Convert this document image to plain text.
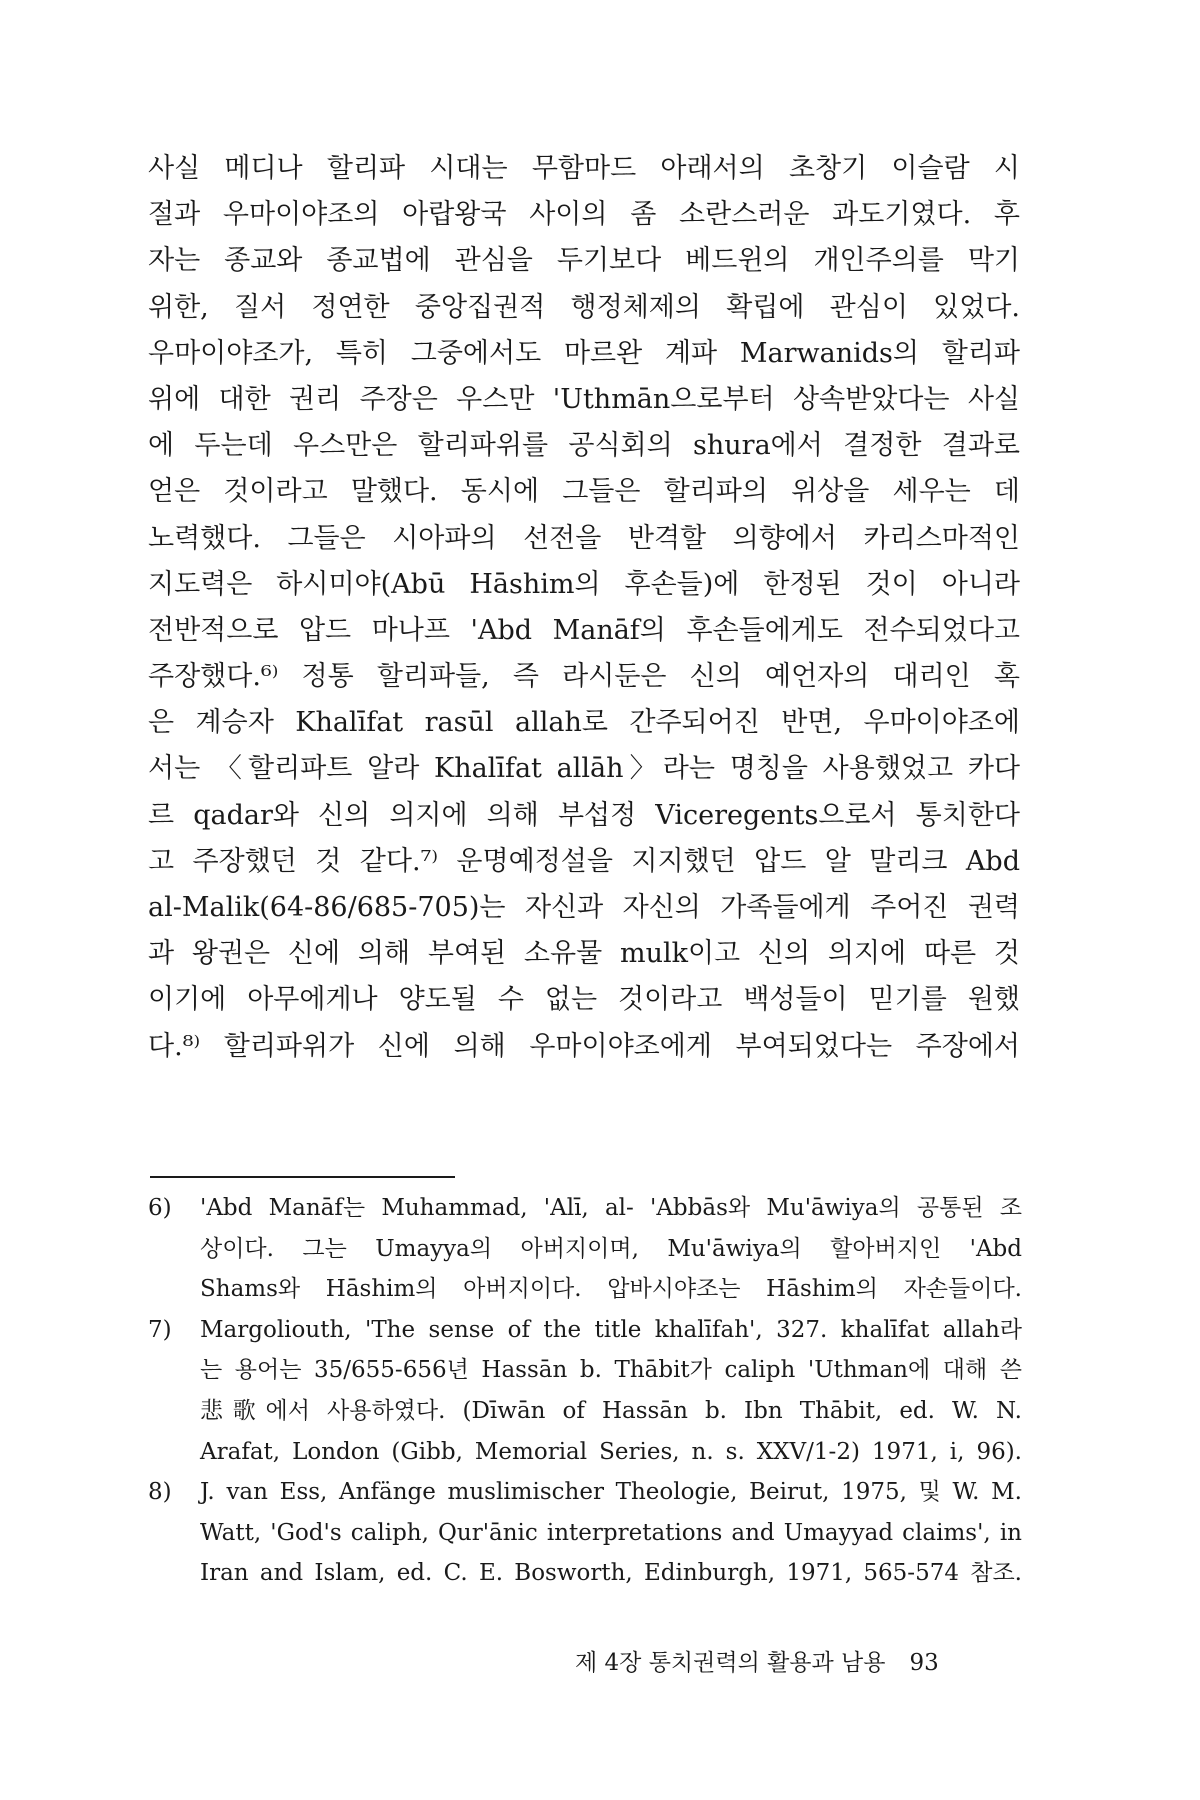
사실 메디나 할리파 시대는 무함마드 아래서의 초창기 이슬람 시
절과 우마이야조의 아랍왕국 사이의 좀 소란스러운 과도기였다. 후
자는 종교와 종교법에 관심을 두기보다 베드윈의 개인주의를 막기
위한, 질서 정연한 중앙집권적 행정체제의 확립에 관심이 있었다.
우마이야조가, 특히 그중에서도 마르완 계파 Marwanids의 할리파
위에 대한 권리 주장은 우스만 'Uthmān으로부터 상속받았다는 사실
에 두는데 우스만은 할리파위를 공식회의 shura에서 결정한 결과로
얻은 것이라고 말했다. 동시에 그들은 할리파의 위상을 세우는 데
노력했다. 그들은 시아파의 선전을 반격할 의향에서 카리스마적인
지도력은 하시미야(Abū Hāshim의 후손들)에 한정된 것이 아니라
전반적으로 압드 마나프 'Abd Manāf의 후손들에게도 전수되었다고
주장했다.⁶⁾ 정통 할리파들, 즉 라시둔은 신의 예언자의 대리인 혹
은 계승자 Khalīfat rasūl allah로 간주되어진 반면, 우마이야조에
서는 〈할리파트 알라 Khalīfat allāh〉라는 명칭을 사용했었고 카다
르 qadar와 신의 의지에 의해 부섭정 Viceregents으로서 통치한다
고 주장했던 것 같다.⁷⁾ 운명예정설을 지지했던 압드 알 말리크 Abd
al-Malik(64-86/685-705)는 자신과 자신의 가족들에게 주어진 권력
과 왕권은 신에 의해 부여된 소유물 mulk이고 신의 의지에 따른 것
이기에 아무에게나 양도될 수 없는 것이라고 백성들이 믿기를 원했
다.⁸⁾ 할리파위가 신에 의해 우마이야조에게 부여되었다는 주장에서
6) 'Abd Manāf는 Muhammad, 'Alī, al- 'Abbās와 Mu'āwiya의 공통된 조
상이다. 그는 Umayya의 아버지이며, Mu'āwiya의 할아버지인 'Abd
Shams와 Hāshim의 아버지이다. 압바시야조는 Hāshim의 자손들이다.
7) Margoliouth, 'The sense of the title khalīfah', 327. khalīfat allah라
는 용어는 35/655-656년 Hassān b. Thābit가 caliph 'Uthman에 대해 쓴
悲歌에서 사용하였다. (Dīwān of Hassān b. Ibn Thābit, ed. W. N.
Arafat, London (Gibb, Memorial Series, n. s. XXV/1-2) 1971, i, 96).
8) J. van Ess, Anfänge muslimischer Theologie, Beirut, 1975, 및 W. M.
Watt, 'God's caliph, Qur'ānic interpretations and Umayyad claims', in
Iran and Islam, ed. C. E. Bosworth, Edinburgh, 1971, 565-574 참조.
제 4장 통치권력의 활용과 남용 93
